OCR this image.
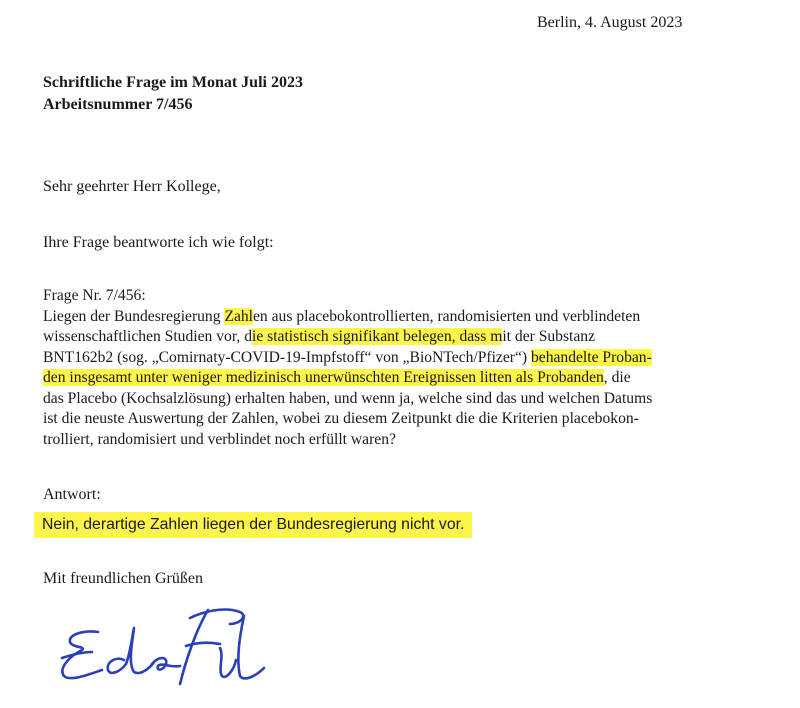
Berlin, 4. August 2023
Schriftliche Frage im Monat Juli 2023
Arbeitsnummer 7/456
Sehr geehrter Herr Kollege,
Ihre Frage beantworte ich wie folgt:
Frage Nr. 7/456:
Liegen der Bundesregierung Zahlen aus placebokontrollierten, randomisierten und verblindeten
wissenschaftlichen Studien vor, die statistisch signifikant belegen, dass mit der Substanz
BNT162b2 (sog. „Comirnaty-COVID-19-Impfstoff“ von „BioNTech/Pfizer“) behandelte Proban-
den insgesamt unter weniger medizinisch unerwünschten Ereignissen litten als Probanden, die
das Placebo (Kochsalzlösung) erhalten haben, und wenn ja, welche sind das und welchen Datums
ist die neuste Auswertung der Zahlen, wobei zu diesem Zeitpunkt die die Kriterien placebokon-
trolliert, randomisiert und verblindet noch erfüllt waren?
Antwort:
Nein, derartige Zahlen liegen der Bundesregierung nicht vor.
Mit freundlichen Grüßen
